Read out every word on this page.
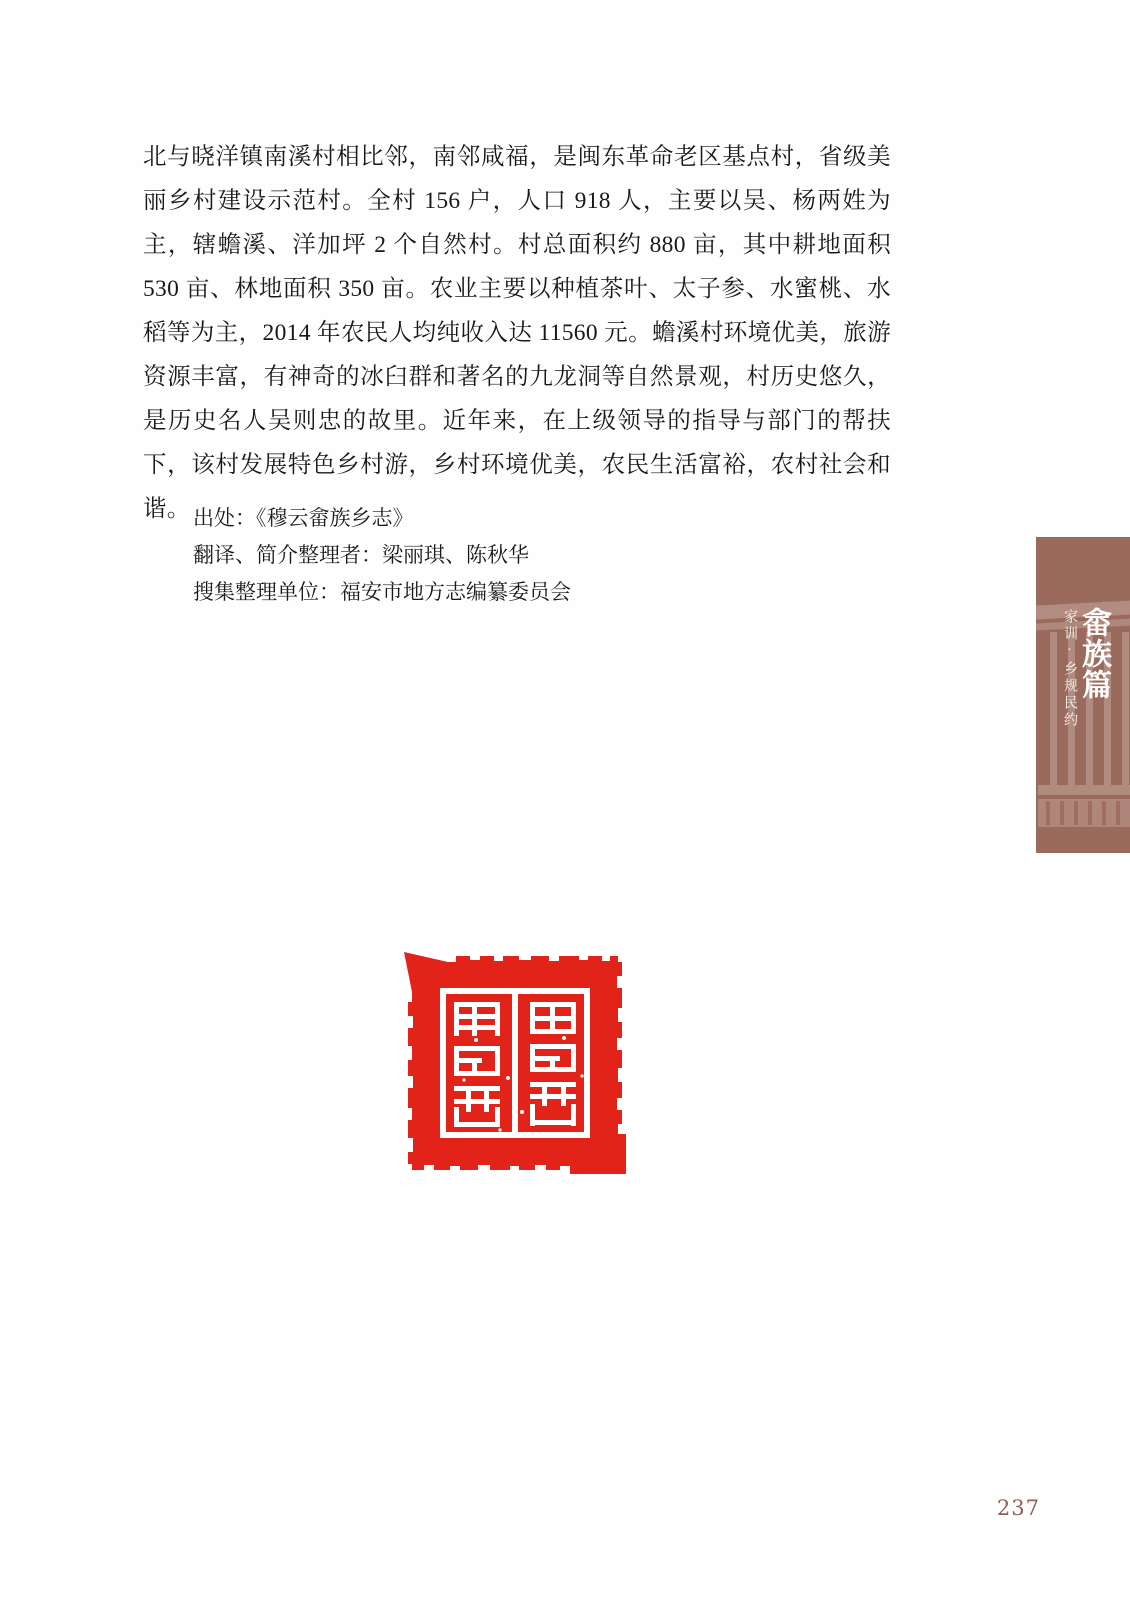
北与晓洋镇南溪村相比邻，南邻咸福，是闽东革命老区基点村，省级美丽乡村建设示范村。全村 156 户，人口 918 人，主要以吴、杨两姓为主，辖蟾溪、洋加坪 2 个自然村。村总面积约 880 亩，其中耕地面积 530 亩、林地面积 350 亩。农业主要以种植茶叶、太子参、水蜜桃、水稻等为主，2014 年农民人均纯收入达 11560 元。蟾溪村环境优美，旅游资源丰富，有神奇的冰臼群和著名的九龙洞等自然景观，村历史悠久，是历史名人吴则忠的故里。近年来，在上级领导的指导与部门的帮扶下，该村发展特色乡村游，乡村环境优美，农民生活富裕，农村社会和谐。 出处：《穆云畲族乡志》
翻译、简介整理者：梁丽琪、陈秋华
搜集整理单位：福安市地方志编纂委员会
畲族篇
家训·乡规民约
237
